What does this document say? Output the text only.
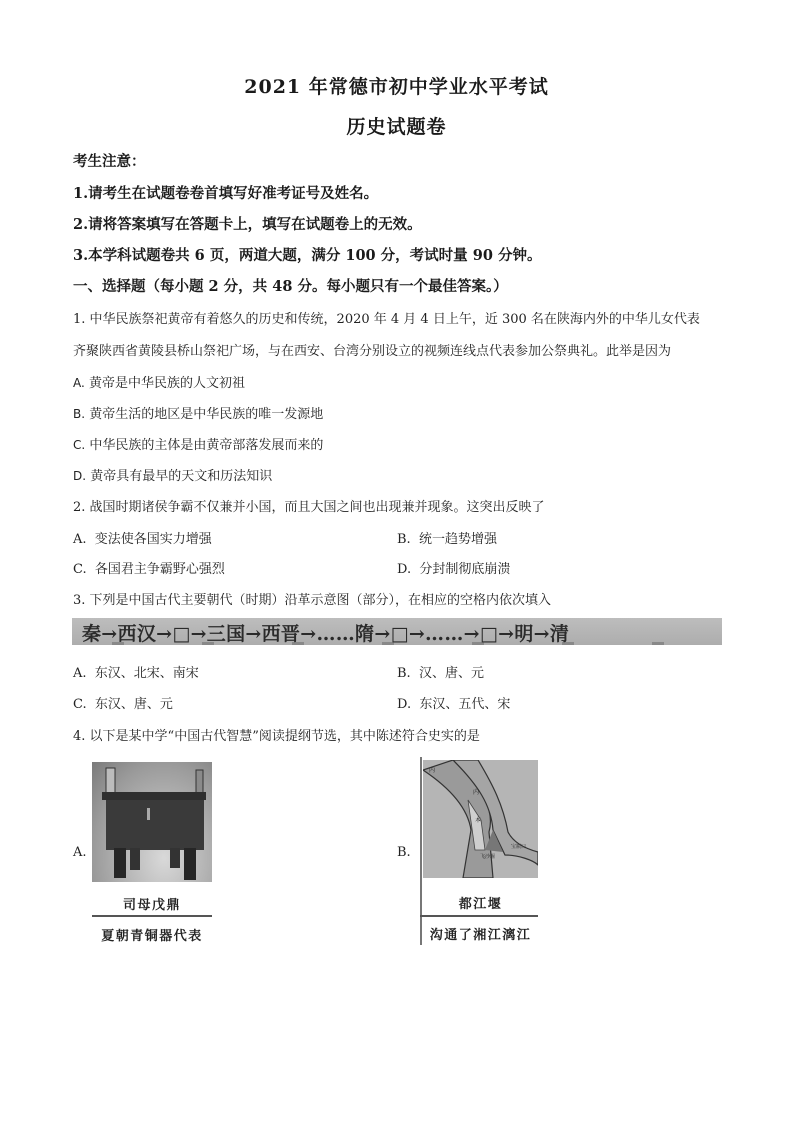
2021 年常德市初中学业水平考试
历史试题卷
考生注意：
1.请考生在试题卷卷首填写好准考证号及姓名。
2.请将答案填写在答题卡上，填写在试题卷上的无效。
3.本学科试题卷共 6 页，两道大题，满分 100 分，考试时量 90 分钟。
一、选择题（每小题 2 分，共 48 分。每小题只有一个最佳答案。）
1. 中华民族祭祀黄帝有着悠久的历史和传统，2020 年 4 月 4 日上午，近 300 名在陕海内外的中华儿女代表
齐聚陕西省黄陵县桥山祭祀广场，与在西安、台湾分别设立的视频连线点代表参加公祭典礼。此举是因为
A. 黄帝是中华民族的人文初祖
B. 黄帝生活的地区是中华民族的唯一发源地
C. 中华民族的主体是由黄帝部落发展而来的
D. 黄帝具有最早的天文和历法知识
2. 战国时期诸侯争霸不仅兼并小国，而且大国之间也出现兼并现象。这突出反映了
A. 变法使各国实力增强	B. 统一趋势增强
C. 各国君主争霸野心强烈	D. 分封制彻底崩溃
3. 下列是中国古代主要朝代（时期）沿革示意图（部分），在相应的空格内依次填入
秦→西汉→□→三国→西晋→……隋→□→……→□→明→清
A. 东汉、北宋、南宋	B. 汉、唐、元
C. 东汉、唐、元	D. 东汉、五代、宋
4. 以下是某中学“中国古代智慧”阅读提纲节选，其中陈述符合史实的是
A.
司母戊鼎
夏朝青铜器代表
B.
内
内
本
飞沙堰
宝瓶口
都江堰
沟通了湘江漓江
